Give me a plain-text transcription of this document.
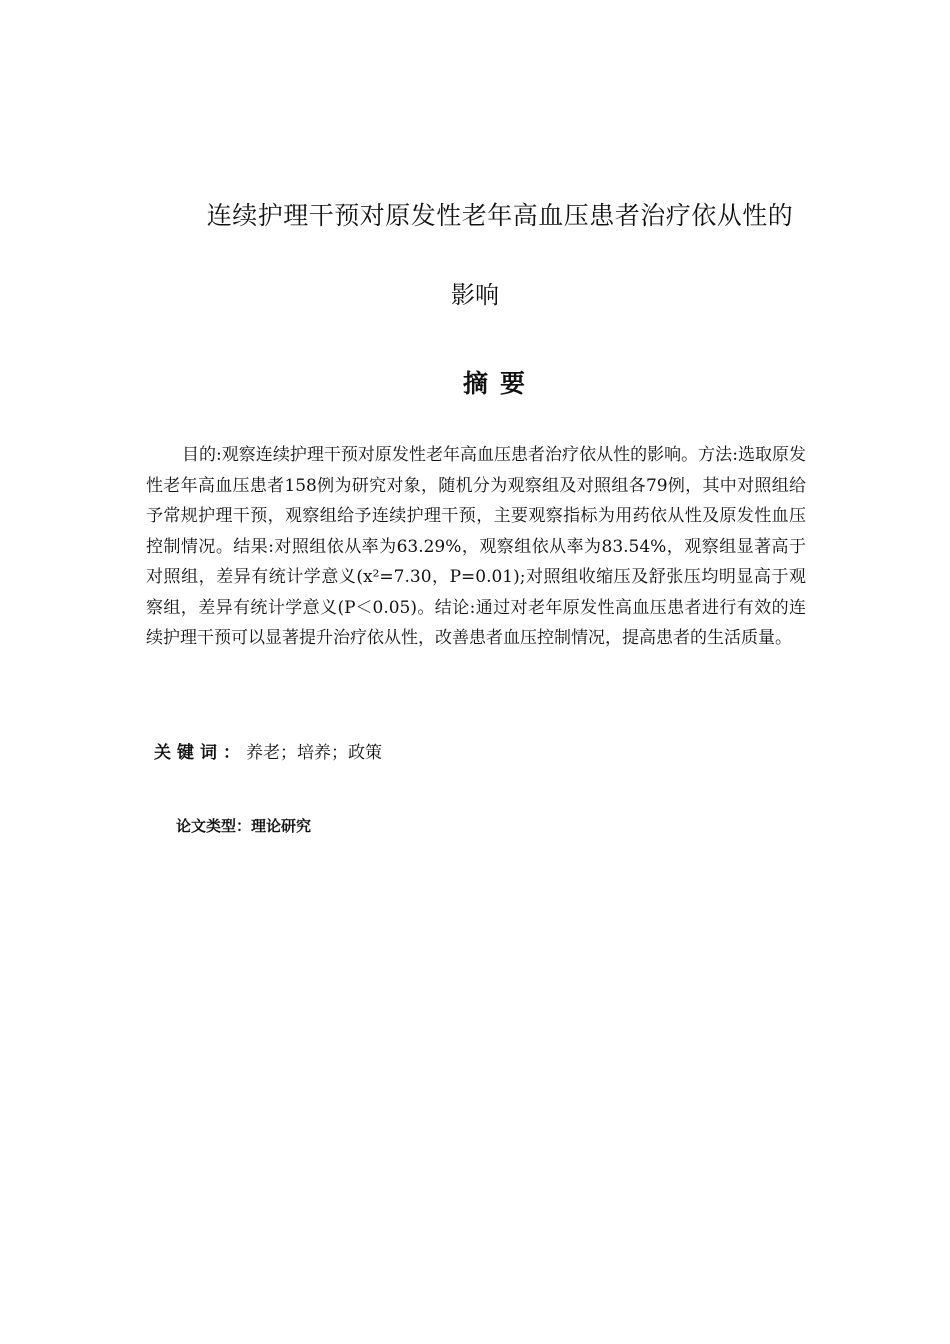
连续护理干预对原发性老年高血压患者治疗依从性的
影响
摘要

目的:观察连续护理干预对原发性老年高血压患者治疗依从性的影响。方法:选取原发性老年高血压患者158例为研究对象，随机分为观察组及对照组各79例，其中对照组给予常规护理干预，观察组给予连续护理干预，主要观察指标为用药依从性及原发性血压控制情况。结果:对照组依从率为63.29%，观察组依从率为83.54%，观察组显著高于对照组，差异有统计学意义(x²=7.30，P=0.01);对照组收缩压及舒张压均明显高于观察组，差异有统计学意义(P＜0.05)。结论:通过对老年原发性高血压患者进行有效的连续护理干预可以显著提升治疗依从性，改善患者血压控制情况，提高患者的生活质量。

关键词：养老；培养；政策
论文类型：理论研究
